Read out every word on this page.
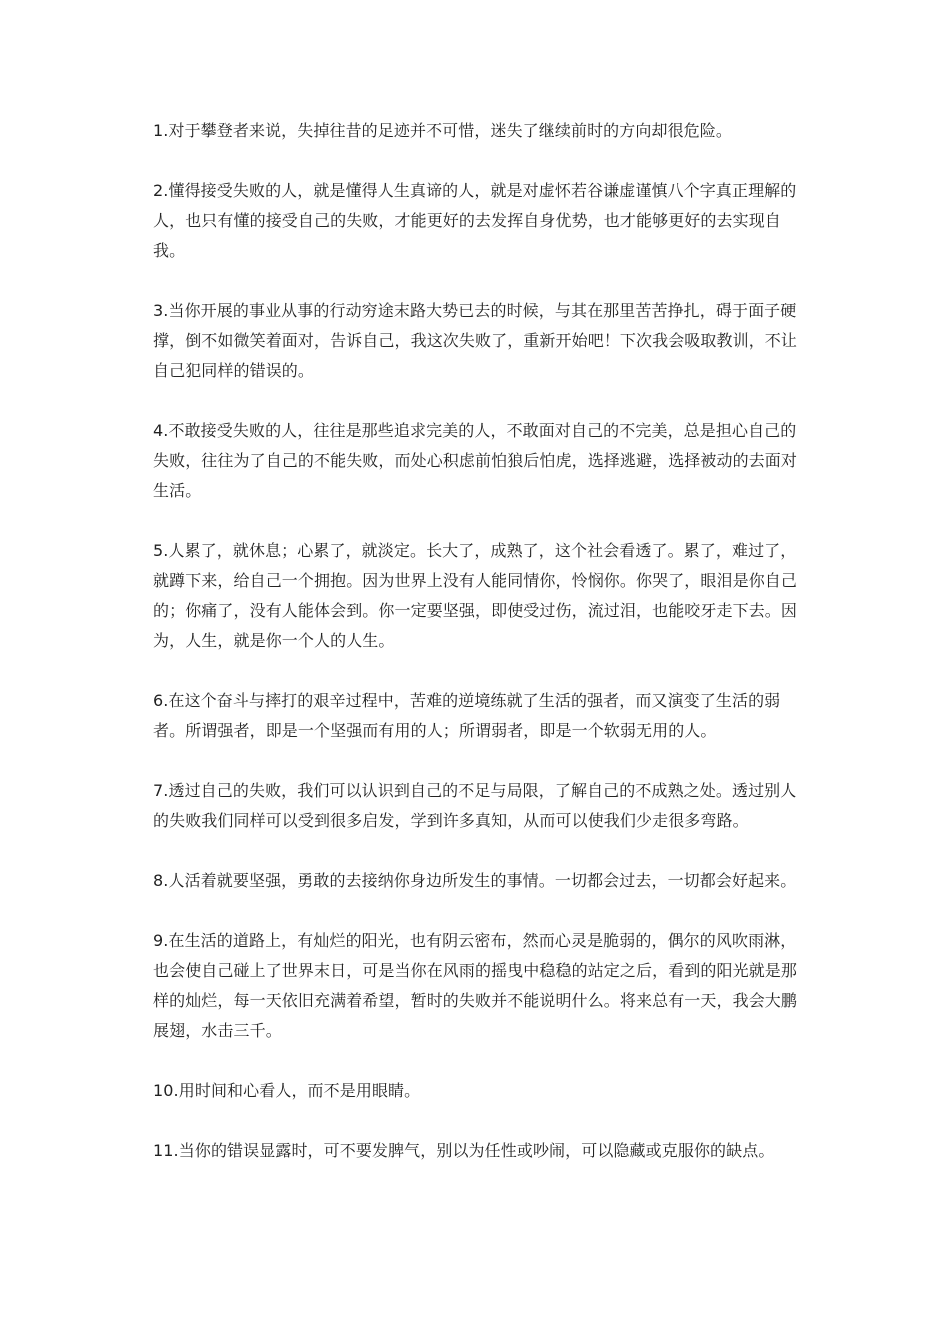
1.对于攀登者来说，失掉往昔的足迹并不可惜，迷失了继续前时的方向却很危险。

2.懂得接受失败的人，就是懂得人生真谛的人，就是对虚怀若谷谦虚谨慎八个字真正理解的人，也只有懂的接受自己的失败，才能更好的去发挥自身优势，也才能够更好的去实现自我。

3.当你开展的事业从事的行动穷途末路大势已去的时候，与其在那里苦苦挣扎，碍于面子硬撑，倒不如微笑着面对，告诉自己，我这次失败了，重新开始吧！下次我会吸取教训，不让自己犯同样的错误的。

4.不敢接受失败的人，往往是那些追求完美的人，不敢面对自己的不完美，总是担心自己的失败，往往为了自己的不能失败，而处心积虑前怕狼后怕虎，选择逃避，选择被动的去面对生活。

5.人累了，就休息；心累了，就淡定。长大了，成熟了，这个社会看透了。累了，难过了，就蹲下来，给自己一个拥抱。因为世界上没有人能同情你，怜悯你。你哭了，眼泪是你自己的；你痛了，没有人能体会到。你一定要坚强，即使受过伤，流过泪，也能咬牙走下去。因为，人生，就是你一个人的人生。

6.在这个奋斗与摔打的艰辛过程中，苦难的逆境练就了生活的强者，而又演变了生活的弱者。所谓强者，即是一个坚强而有用的人；所谓弱者，即是一个软弱无用的人。

7.透过自己的失败，我们可以认识到自己的不足与局限，了解自己的不成熟之处。透过别人的失败我们同样可以受到很多启发，学到许多真知，从而可以使我们少走很多弯路。

8.人活着就要坚强，勇敢的去接纳你身边所发生的事情。一切都会过去，一切都会好起来。

9.在生活的道路上，有灿烂的阳光，也有阴云密布，然而心灵是脆弱的，偶尔的风吹雨淋，也会使自己碰上了世界末日，可是当你在风雨的摇曳中稳稳的站定之后，看到的阳光就是那样的灿烂，每一天依旧充满着希望，暂时的失败并不能说明什么。将来总有一天，我会大鹏展翅，水击三千。

10.用时间和心看人，而不是用眼睛。

11.当你的错误显露时，可不要发脾气，别以为任性或吵闹，可以隐藏或克服你的缺点。
